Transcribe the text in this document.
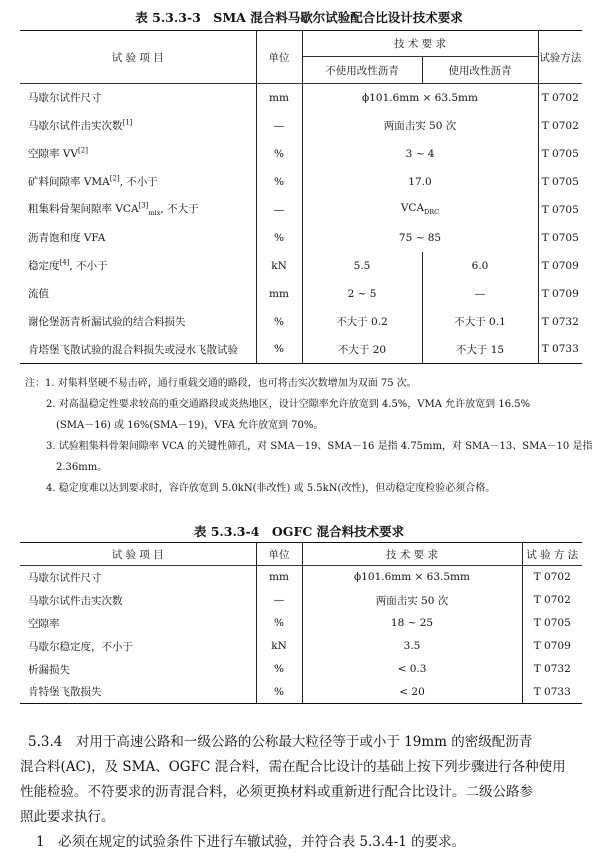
表 5.3.3-3　SMA 混合料马歇尔试验配合比设计技术要求
试 验 项 目	单位	技 术 要 求		试验方法
		不使用改性沥青	使用改性沥青	
马歇尔试件尺寸	mm	ϕ101.6mm × 63.5mm		T 0702
马歇尔试件击实次数[1]	—	两面击实 50 次		T 0702
空隙率 VV[2]	%	3 ~ 4		T 0705
矿料间隙率 VMA[2], 不小于	%	17.0		T 0705
粗集料骨架间隙率 $VCA[3]_{mix}$, 不大于	—	$VCA_{DRC}$		T 0705
沥青饱和度 VFA	%	75 ~ 85		T 0705
稳定度[4], 不小于	kN	5.5	6.0	T 0709
流值	mm	2 ~ 5	—	T 0709
谢伦堡沥青析漏试验的结合料损失	%	不大于 0.2	不大于 0.1	T 0732
肯塔堡飞散试验的混合料损失或浸水飞散试验	%	不大于 20	不大于 15	T 0733
注：1. 对集料坚硬不易击碎，通行重载交通的路段，也可将击实次数增加为双面 75 次。
2. 对高温稳定性要求较高的重交通路段或炎热地区，设计空隙率允许放宽到 4.5%，VMA 允许放宽到 16.5%
(SMA－16) 或 16%(SMA－19)，VFA 允许放宽到 70%。
3. 试验粗集料骨架间隙率 VCA 的关键性筛孔，对 SMA－19、SMA－16 是指 4.75mm，对 SMA－13、SMA－10 是指
2.36mm。
4. 稳定度难以达到要求时，容许放宽到 5.0kN(非改性) 或 5.5kN(改性)，但动稳定度检验必须合格。
表 5.3.3-4　OGFC 混合料技术要求
试 验 项 目	单位	技 术 要 求	试 验 方 法
马歇尔试件尺寸	mm	ϕ101.6mm × 63.5mm	T 0702
马歇尔试件击实次数	—	两面击实 50 次	T 0702
空隙率	%	18 ~ 25	T 0705
马歇尔稳定度，不小于	kN	3.5	T 0709
析漏损失	%	< 0.3	T 0732
肯特堡飞散损失	%	< 20	T 0733
5.3.4　对用于高速公路和一级公路的公称最大粒径等于或小于 19mm 的密级配沥青
混合料(AC)，及 SMA、OGFC 混合料，需在配合比设计的基础上按下列步骤进行各种使用
性能检验。不符要求的沥青混合料，必须更换材料或重新进行配合比设计。二级公路参
照此要求执行。
1　必须在规定的试验条件下进行车辙试验，并符合表 5.3.4-1 的要求。
